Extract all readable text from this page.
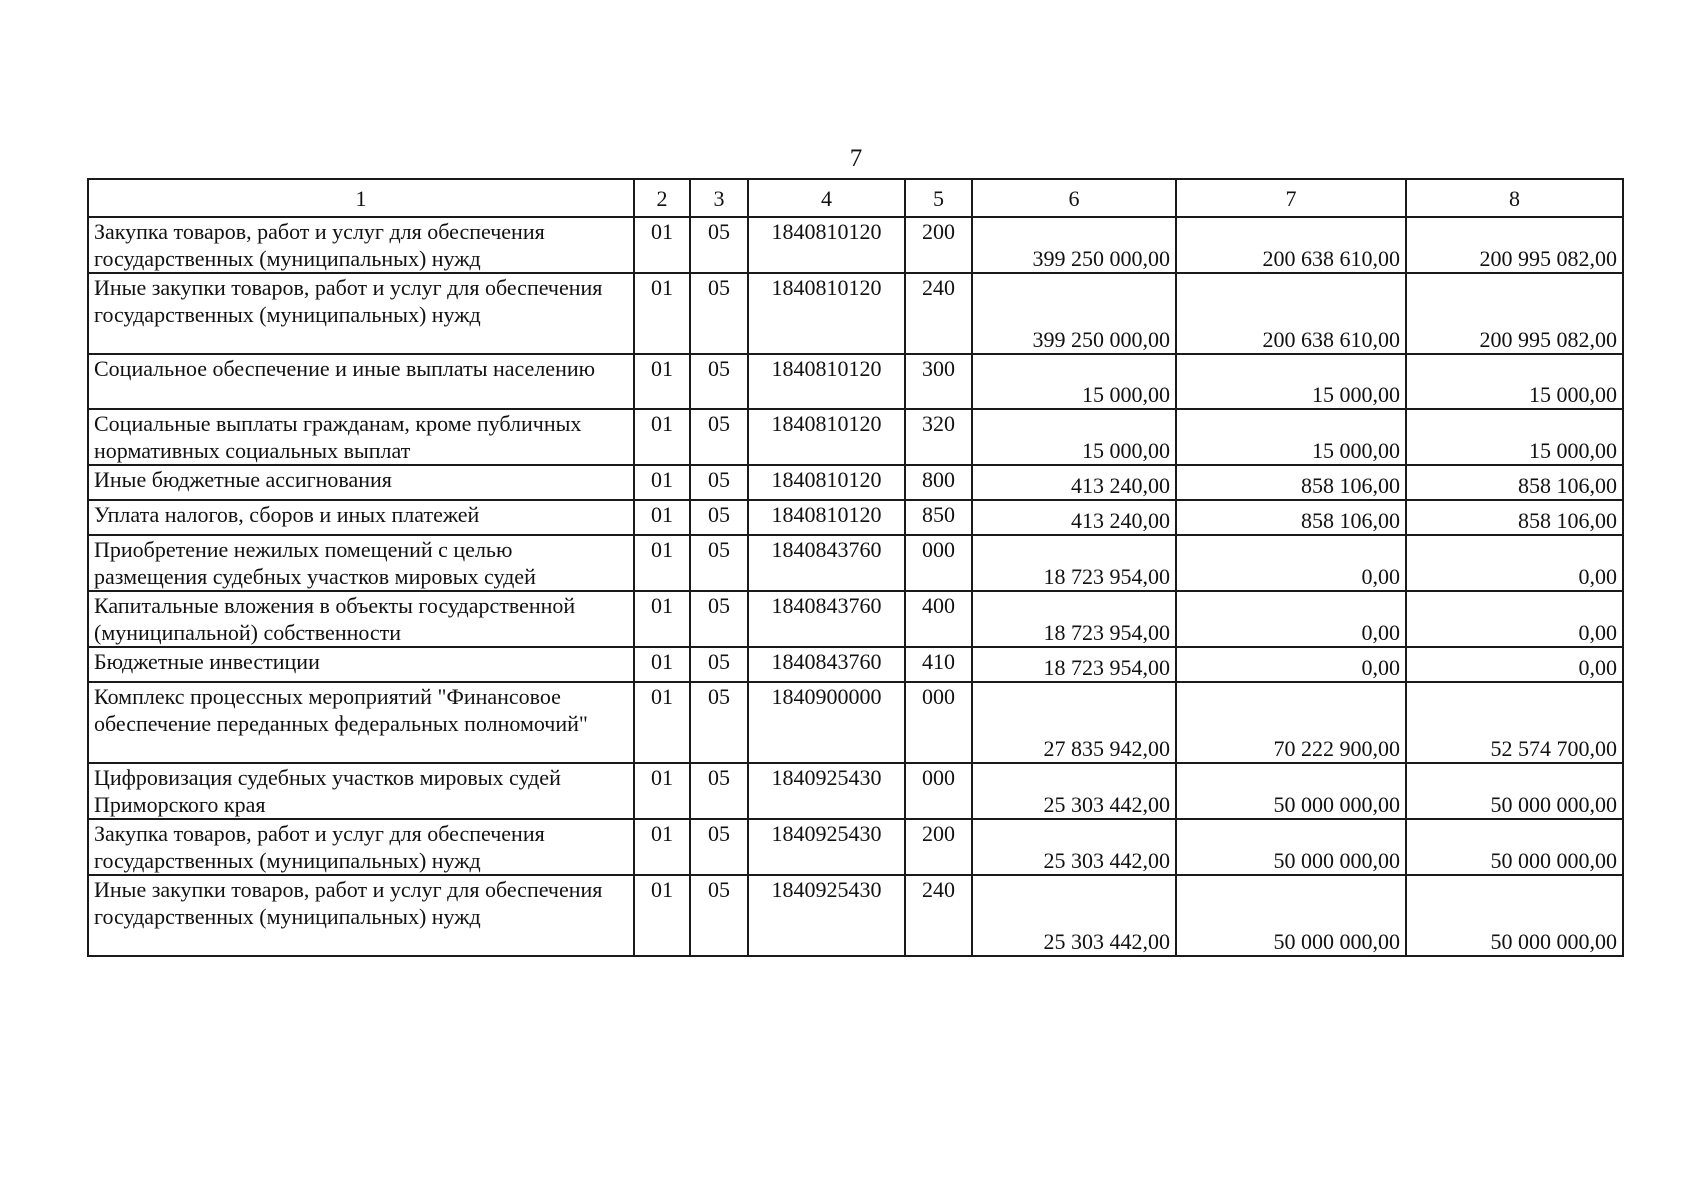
7
1	2	3	4	5	6	7	8
Закупка товаров, работ и услуг для обеспечения государственных (муниципальных) нужд	01	05	1840810120	200	399 250 000,00	200 638 610,00	200 995 082,00
Иные закупки товаров, работ и услуг для обеспечения государственных (муниципальных) нужд	01	05	1840810120	240	399 250 000,00	200 638 610,00	200 995 082,00
Социальное обеспечение и иные выплаты населению	01	05	1840810120	300	15 000,00	15 000,00	15 000,00
Социальные выплаты гражданам, кроме публичных нормативных социальных выплат	01	05	1840810120	320	15 000,00	15 000,00	15 000,00
Иные бюджетные ассигнования	01	05	1840810120	800	413 240,00	858 106,00	858 106,00
Уплата налогов, сборов и иных платежей	01	05	1840810120	850	413 240,00	858 106,00	858 106,00
Приобретение нежилых помещений с целью размещения судебных участков мировых судей	01	05	1840843760	000	18 723 954,00	0,00	0,00
Капитальные вложения в объекты государственной (муниципальной) собственности	01	05	1840843760	400	18 723 954,00	0,00	0,00
Бюджетные инвестиции	01	05	1840843760	410	18 723 954,00	0,00	0,00
Комплекс процессных мероприятий "Финансовое обеспечение переданных федеральных полномочий"	01	05	1840900000	000	27 835 942,00	70 222 900,00	52 574 700,00
Цифровизация судебных участков мировых судей Приморского края	01	05	1840925430	000	25 303 442,00	50 000 000,00	50 000 000,00
Закупка товаров, работ и услуг для обеспечения государственных (муниципальных) нужд	01	05	1840925430	200	25 303 442,00	50 000 000,00	50 000 000,00
Иные закупки товаров, работ и услуг для обеспечения государственных (муниципальных) нужд	01	05	1840925430	240	25 303 442,00	50 000 000,00	50 000 000,00
